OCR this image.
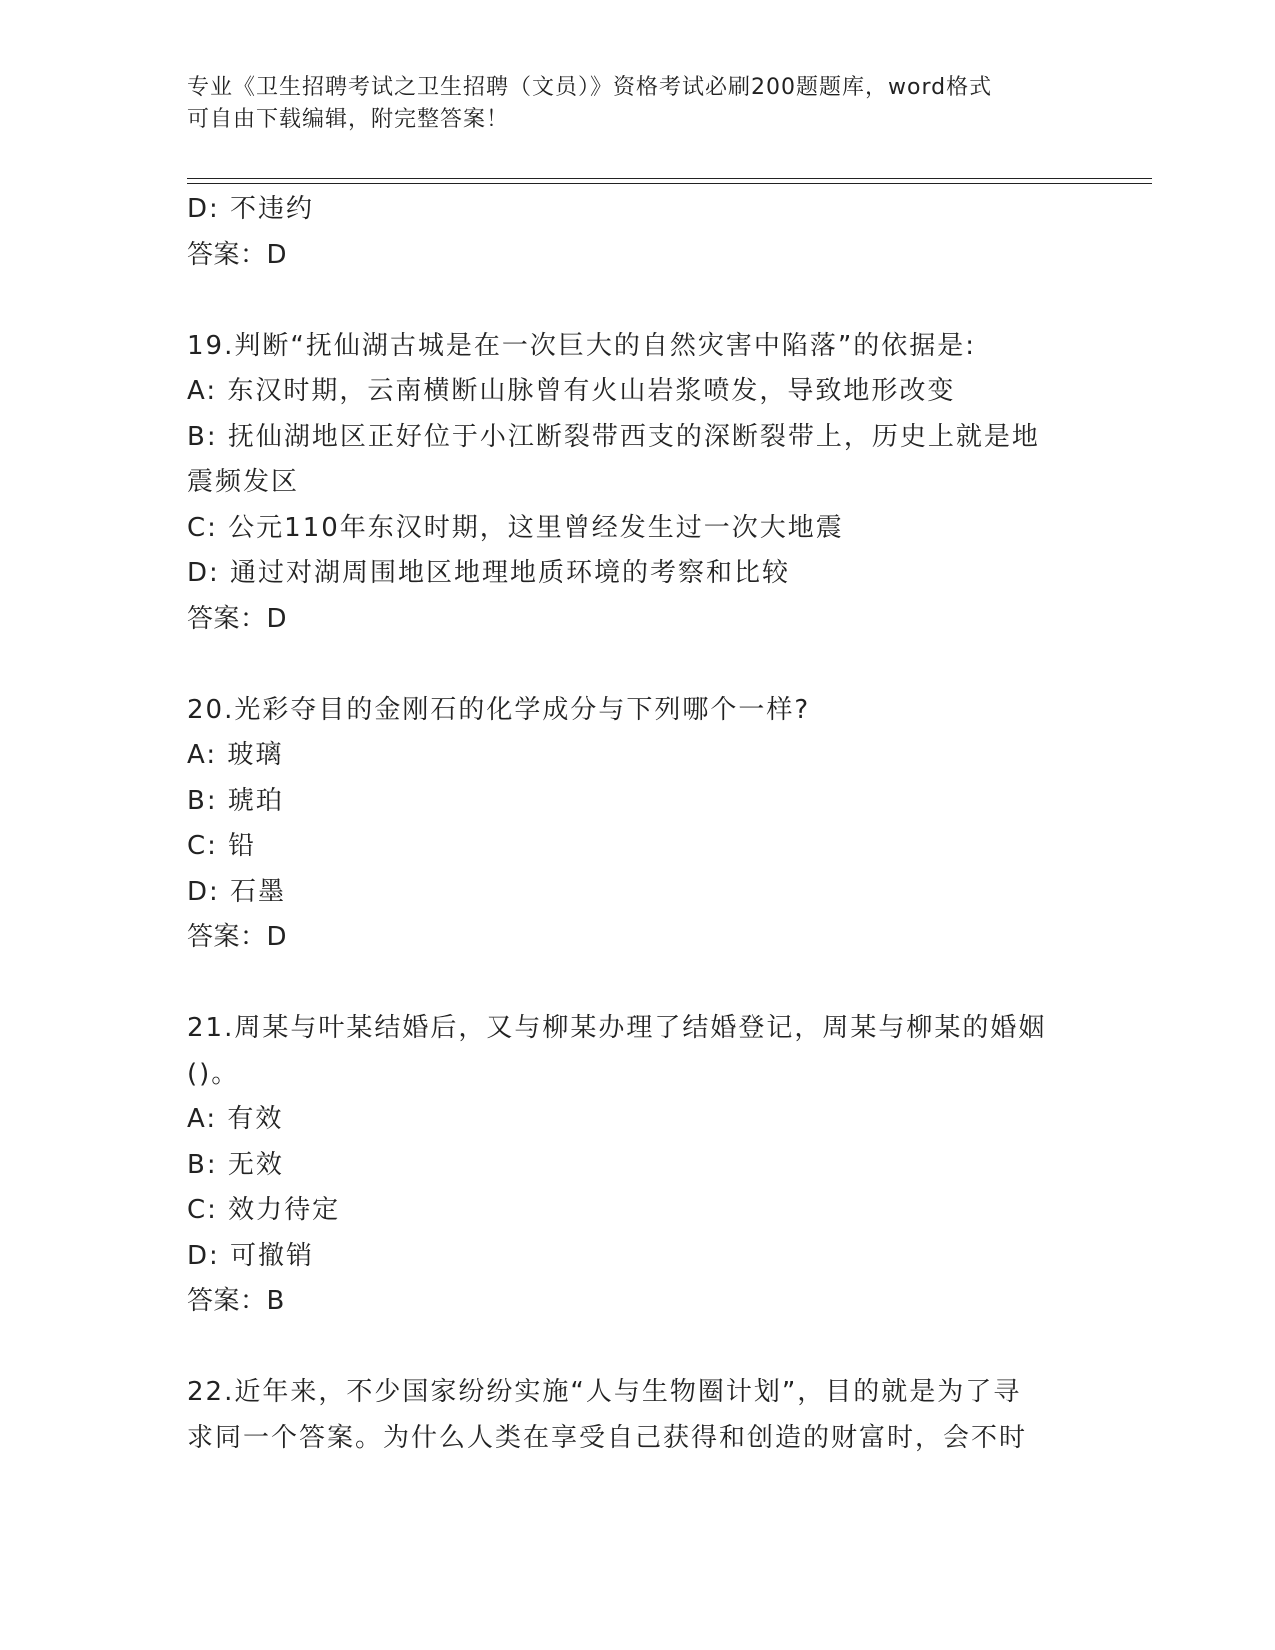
专业《卫生招聘考试之卫生招聘（文员）》资格考试必刷200题题库，word格式
可自由下载编辑，附完整答案！
D: 不违约
答案：D
19.判断“抚仙湖古城是在一次巨大的自然灾害中陷落”的依据是:
A: 东汉时期，云南横断山脉曾有火山岩浆喷发，导致地形改变
B: 抚仙湖地区正好位于小江断裂带西支的深断裂带上，历史上就是地
震频发区
C: 公元110年东汉时期，这里曾经发生过一次大地震
D: 通过对湖周围地区地理地质环境的考察和比较
答案：D
20.光彩夺目的金刚石的化学成分与下列哪个一样?
A: 玻璃
B: 琥珀
C: 铅
D: 石墨
答案：D
21.周某与叶某结婚后，又与柳某办理了结婚登记，周某与柳某的婚姻
()。
A: 有效
B: 无效
C: 效力待定
D: 可撤销
答案：B
22.近年来，不少国家纷纷实施“人与生物圈计划”，目的就是为了寻
求同一个答案。为什么人类在享受自己获得和创造的财富时，会不时
